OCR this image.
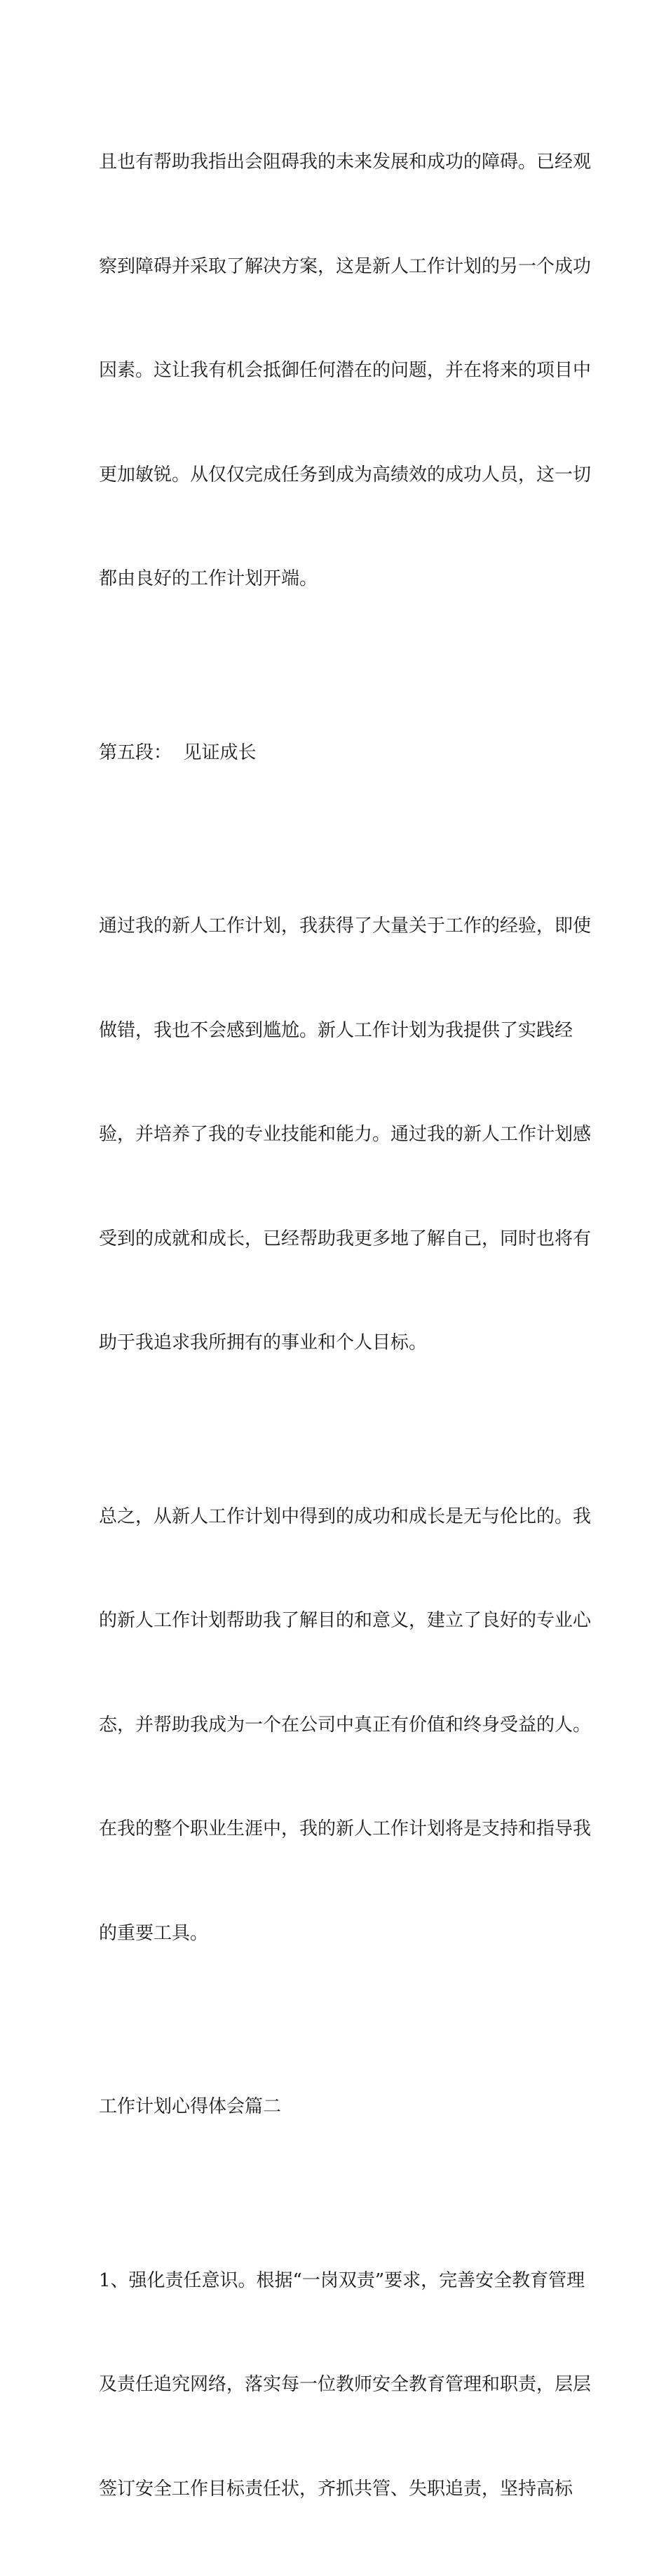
且也有帮助我指出会阻碍我的未来发展和成功的障碍。已经观

察到障碍并采取了解决方案，这是新人工作计划的另一个成功

因素。这让我有机会抵御任何潜在的问题，并在将来的项目中

更加敏锐。从仅仅完成任务到成为高绩效的成功人员，这一切

都由良好的工作计划开端。

第五段：  见证成长

通过我的新人工作计划，我获得了大量关于工作的经验，即使

做错，我也不会感到尴尬。新人工作计划为我提供了实践经

验，并培养了我的专业技能和能力。通过我的新人工作计划感

受到的成就和成长，已经帮助我更多地了解自己，同时也将有

助于我追求我所拥有的事业和个人目标。

总之，从新人工作计划中得到的成功和成长是无与伦比的。我

的新人工作计划帮助我了解目的和意义，建立了良好的专业心

态，并帮助我成为一个在公司中真正有价值和终身受益的人。

在我的整个职业生涯中，我的新人工作计划将是支持和指导我

的重要工具。

工作计划心得体会篇二

1、强化责任意识。根据“一岗双责”要求，完善安全教育管理

及责任追究网络，落实每一位教师安全教育管理和职责，层层

签订安全工作目标责任状，齐抓共管、失职追责，坚持高标
